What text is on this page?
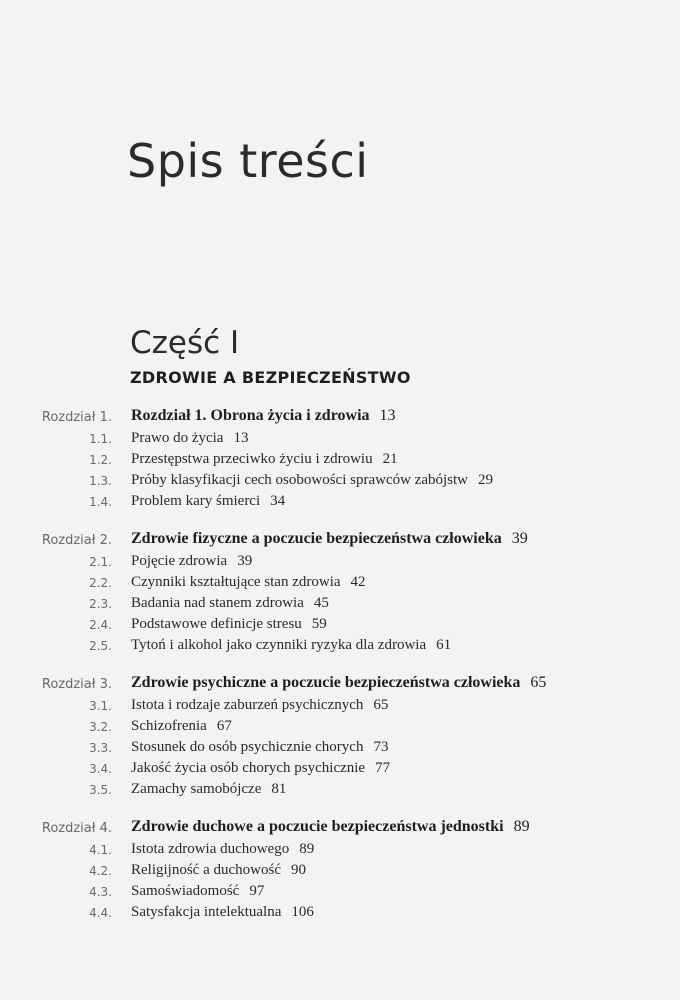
Spis treści
Część I
ZDROWIE A BEZPIECZEŃSTWO
Rozdział 1. Rozdział 1. Obrona życia i zdrowia 13
1.1. Prawo do życia 13
1.2. Przestępstwa przeciwko życiu i zdrowiu 21
1.3. Próby klasyfikacji cech osobowości sprawców zabójstw 29
1.4. Problem kary śmierci 34
Rozdział 2. Zdrowie fizyczne a poczucie bezpieczeństwa człowieka 39
2.1. Pojęcie zdrowia 39
2.2. Czynniki kształtujące stan zdrowia 42
2.3. Badania nad stanem zdrowia 45
2.4. Podstawowe definicje stresu 59
2.5. Tytoń i alkohol jako czynniki ryzyka dla zdrowia 61
Rozdział 3. Zdrowie psychiczne a poczucie bezpieczeństwa człowieka 65
3.1. Istota i rodzaje zaburzeń psychicznych 65
3.2. Schizofrenia 67
3.3. Stosunek do osób psychicznie chorych 73
3.4. Jakość życia osób chorych psychicznie 77
3.5. Zamachy samobójcze 81
Rozdział 4. Zdrowie duchowe a poczucie bezpieczeństwa jednostki 89
4.1. Istota zdrowia duchowego 89
4.2. Religijność a duchowość 90
4.3. Samoświadomość 97
4.4. Satysfakcja intelektualna 106
